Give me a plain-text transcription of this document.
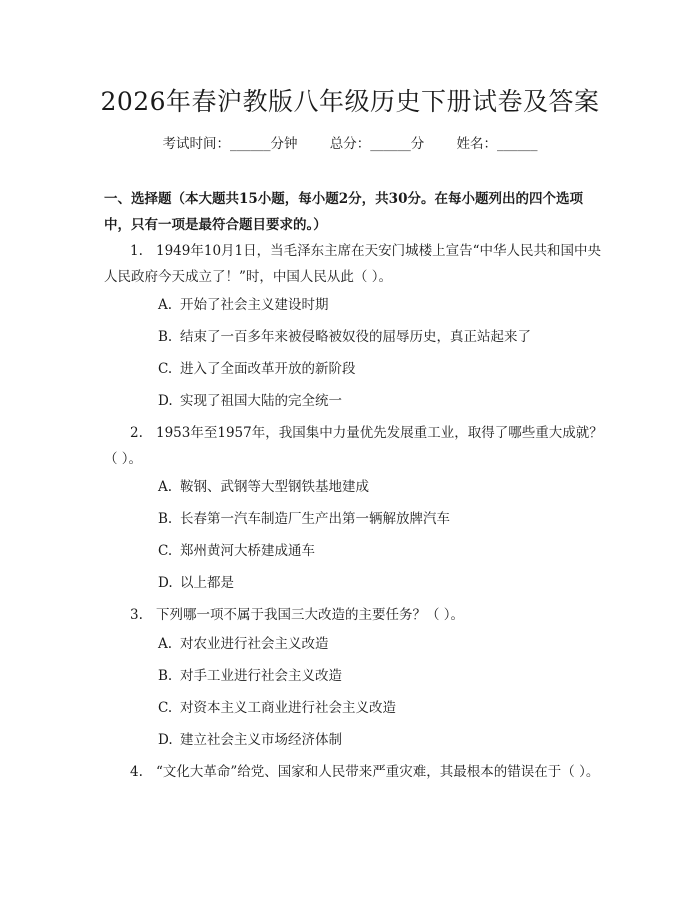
2026年春沪教版八年级历史下册试卷及答案
考试时间：______分钟 总分：______分 姓名：______
一、选择题（本大题共15小题，每小题2分，共30分。在每小题列出的四个选项中，只有一项是最符合题目要求的。）
1. 1949年10月1日，当毛泽东主席在天安门城楼上宣告“中华人民共和国中央人民政府今天成立了！”时，中国人民从此（ ）。
A. 开始了社会主义建设时期
B. 结束了一百多年来被侵略被奴役的屈辱历史，真正站起来了
C. 进入了全面改革开放的新阶段
D. 实现了祖国大陆的完全统一
2. 1953年至1957年，我国集中力量优先发展重工业，取得了哪些重大成就？（ ）。
A. 鞍钢、武钢等大型钢铁基地建成
B. 长春第一汽车制造厂生产出第一辆解放牌汽车
C. 郑州黄河大桥建成通车
D. 以上都是
3. 下列哪一项不属于我国三大改造的主要任务？（ ）。
A. 对农业进行社会主义改造
B. 对手工业进行社会主义改造
C. 对资本主义工商业进行社会主义改造
D. 建立社会主义市场经济体制
4. “文化大革命”给党、国家和人民带来严重灾难，其最根本的错误在于（ ）。
